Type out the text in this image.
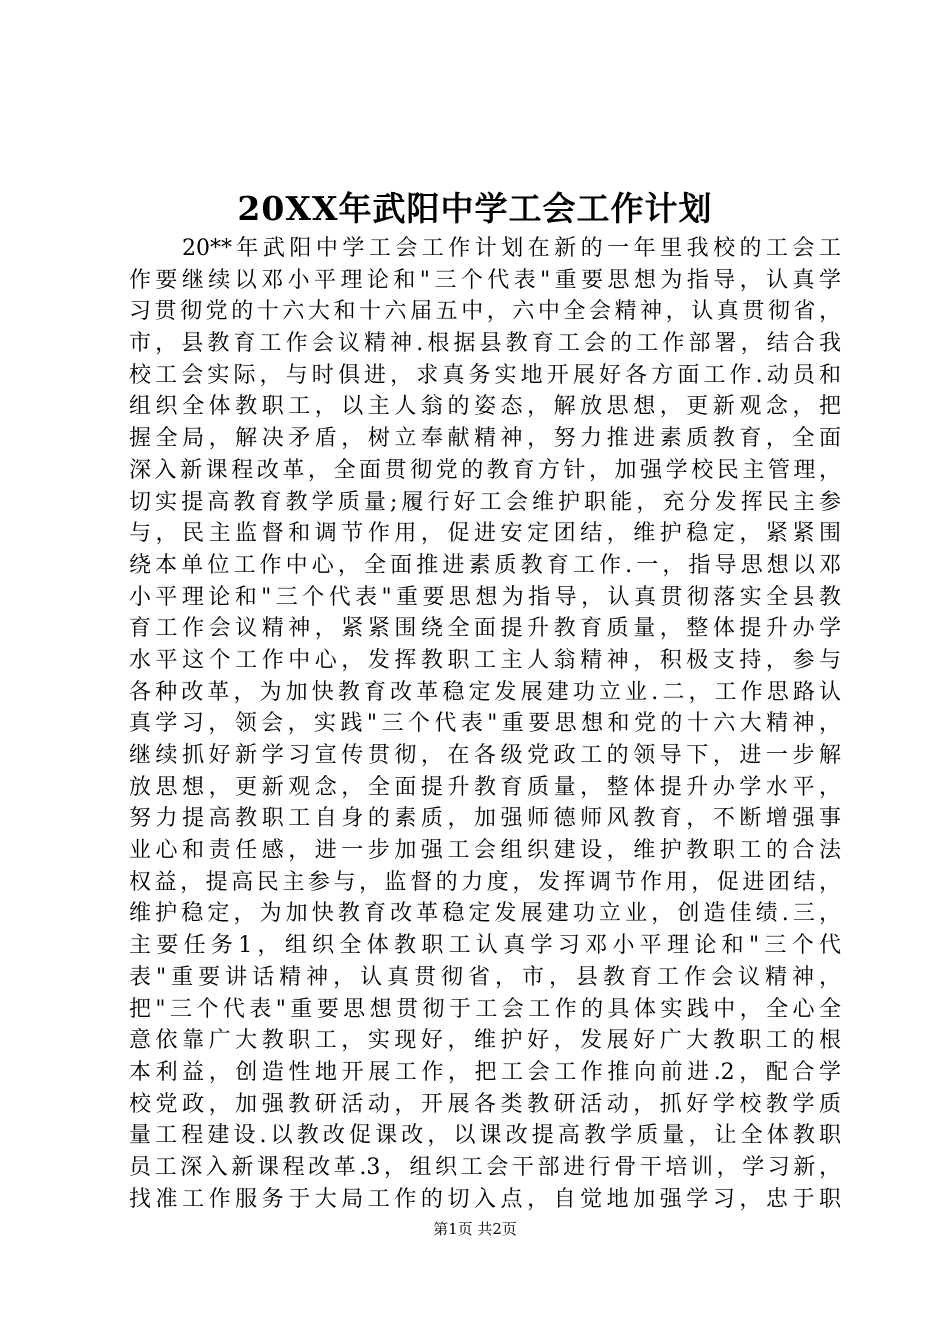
20XX年武阳中学工会工作计划
　　20**年武阳中学工会工作计划在新的一年里我校的工会工
作要继续以邓小平理论和"三个代表"重要思想为指导，认真学
习贯彻党的十六大和十六届五中，六中全会精神，认真贯彻省，
市，县教育工作会议精神.根据县教育工会的工作部署，结合我
校工会实际，与时俱进，求真务实地开展好各方面工作.动员和
组织全体教职工，以主人翁的姿态，解放思想，更新观念，把
握全局，解决矛盾，树立奉献精神，努力推进素质教育，全面
深入新课程改革，全面贯彻党的教育方针，加强学校民主管理，
切实提高教育教学质量;履行好工会维护职能，充分发挥民主参
与，民主监督和调节作用，促进安定团结，维护稳定，紧紧围
绕本单位工作中心，全面推进素质教育工作.一，指导思想以邓
小平理论和"三个代表"重要思想为指导，认真贯彻落实全县教
育工作会议精神，紧紧围绕全面提升教育质量，整体提升办学
水平这个工作中心，发挥教职工主人翁精神，积极支持，参与
各种改革，为加快教育改革稳定发展建功立业.二，工作思路认
真学习，领会，实践"三个代表"重要思想和党的十六大精神，
继续抓好新学习宣传贯彻，在各级党政工的领导下，进一步解
放思想，更新观念，全面提升教育质量，整体提升办学水平，
努力提高教职工自身的素质，加强师德师风教育，不断增强事
业心和责任感，进一步加强工会组织建设，维护教职工的合法
权益，提高民主参与，监督的力度，发挥调节作用，促进团结，
维护稳定，为加快教育改革稳定发展建功立业，创造佳绩.三，
主要任务1，组织全体教职工认真学习邓小平理论和"三个代
表"重要讲话精神，认真贯彻省，市，县教育工作会议精神，
把"三个代表"重要思想贯彻于工会工作的具体实践中，全心全
意依靠广大教职工，实现好，维护好，发展好广大教职工的根
本利益，创造性地开展工作，把工会工作推向前进.2，配合学
校党政，加强教研活动，开展各类教研活动，抓好学校教学质
量工程建设.以教改促课改，以课改提高教学质量，让全体教职
员工深入新课程改革.3，组织工会干部进行骨干培训，学习新，
找准工作服务于大局工作的切入点，自觉地加强学习，忠于职
第1页 共2页
